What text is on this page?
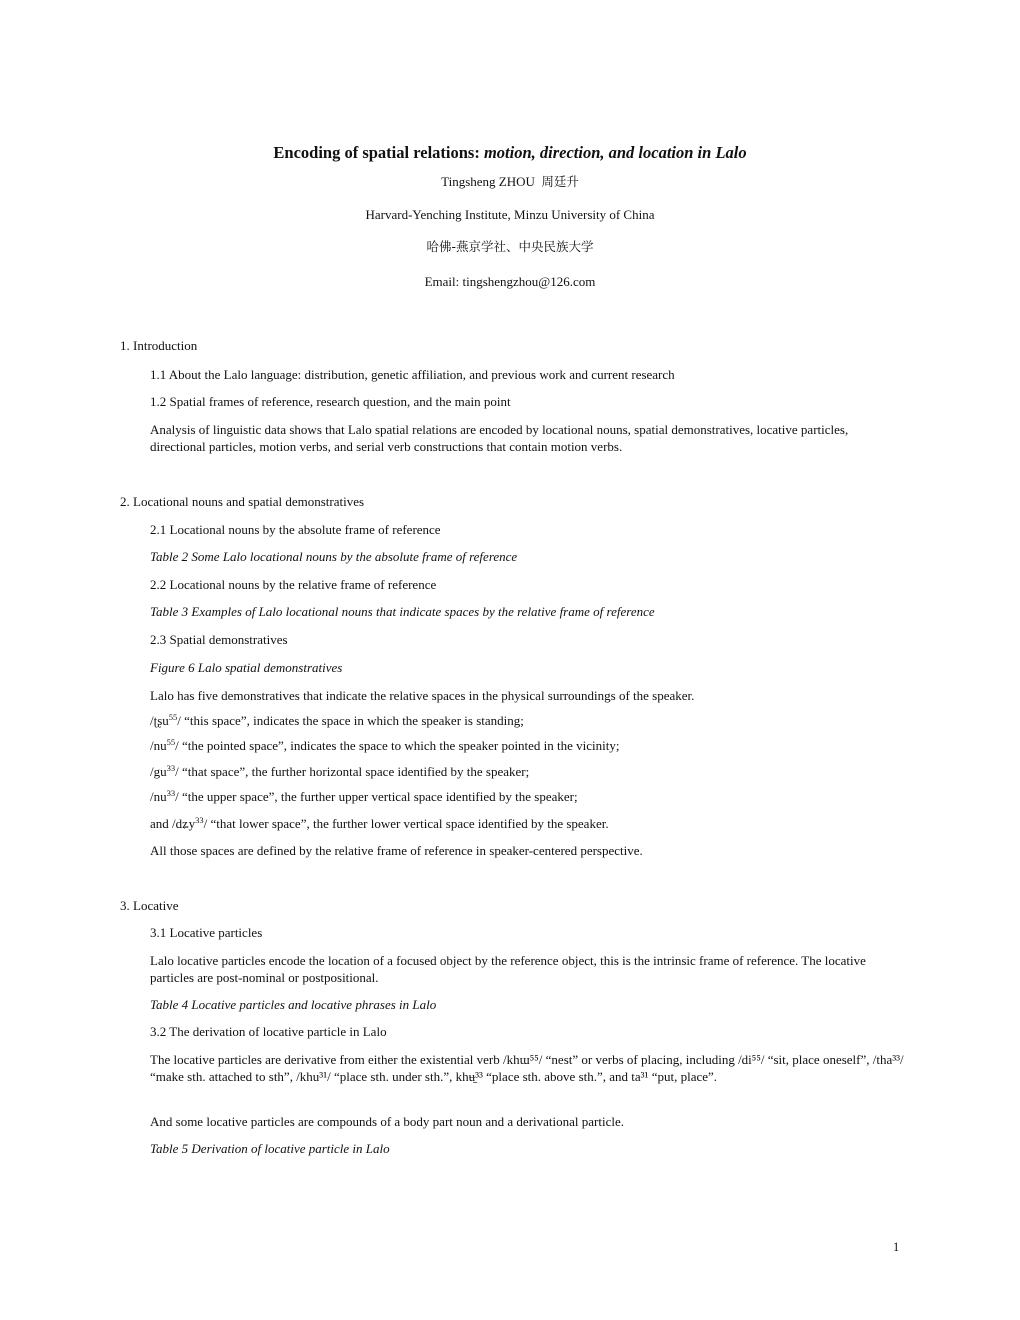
Encoding of spatial relations: motion, direction, and location in Lalo
Tingsheng ZHOU 周廷升
Harvard-Yenching Institute, Minzu University of China
哈佛-燕京学社、中央民族大学
Email: tingshengzhou@126.com
1. Introduction
1.1 About the Lalo language: distribution, genetic affiliation, and previous work and current research
1.2 Spatial frames of reference, research question, and the main point

Analysis of linguistic data shows that Lalo spatial relations are encoded by locational nouns, spatial demonstratives, locative particles, directional particles, motion verbs, and serial verb constructions that contain motion verbs.

2. Locational nouns and spatial demonstratives
2.1 Locational nouns by the absolute frame of reference
Table 2 Some Lalo locational nouns by the absolute frame of reference
2.2 Locational nouns by the relative frame of reference
Table 3 Examples of Lalo locational nouns that indicate spaces by the relative frame of reference
2.3 Spatial demonstratives
Figure 6 Lalo spatial demonstratives
Lalo has five demonstratives that indicate the relative spaces in the physical surroundings of the speaker.
/ʈʂu$^{55}$/ “this space”, indicates the space in which the speaker is standing;
$/nu^{55}/$ “the pointed space”, indicates the space to which the speaker pointed in the vicinity;
$/gu^{33}/$ “that space”, the further horizontal space identified by the speaker;
$/nu^{33}/$ “the upper space”, the further upper vertical space identified by the speaker;
and /dʑy$^{33}$/ “that lower space”, the further lower vertical space identified by the speaker.
All those spaces are defined by the relative frame of reference in speaker-centered perspective.
3. Locative
3.1 Locative particles

Lalo locative particles encode the location of a focused object by the reference object, this is the intrinsic frame of reference. The locative particles are post-nominal or postpositional.

Table 4 Locative particles and locative phrases in Lalo
3.2 The derivation of locative particle in Lalo

The locative particles are derivative from either the existential verb /khɯ⁵⁵/ “nest” or verbs of placing, including /di⁵⁵/ “sit, place oneself”, /tha³³/ “make sth. attached to sth”, /khu³¹/ “place sth. under sth.”, khʉ̱³³ “place sth. above sth.”, and ta³¹ “put, place”.

And some locative particles are compounds of a body part noun and a derivational particle.
Table 5 Derivation of locative particle in Lalo
1
